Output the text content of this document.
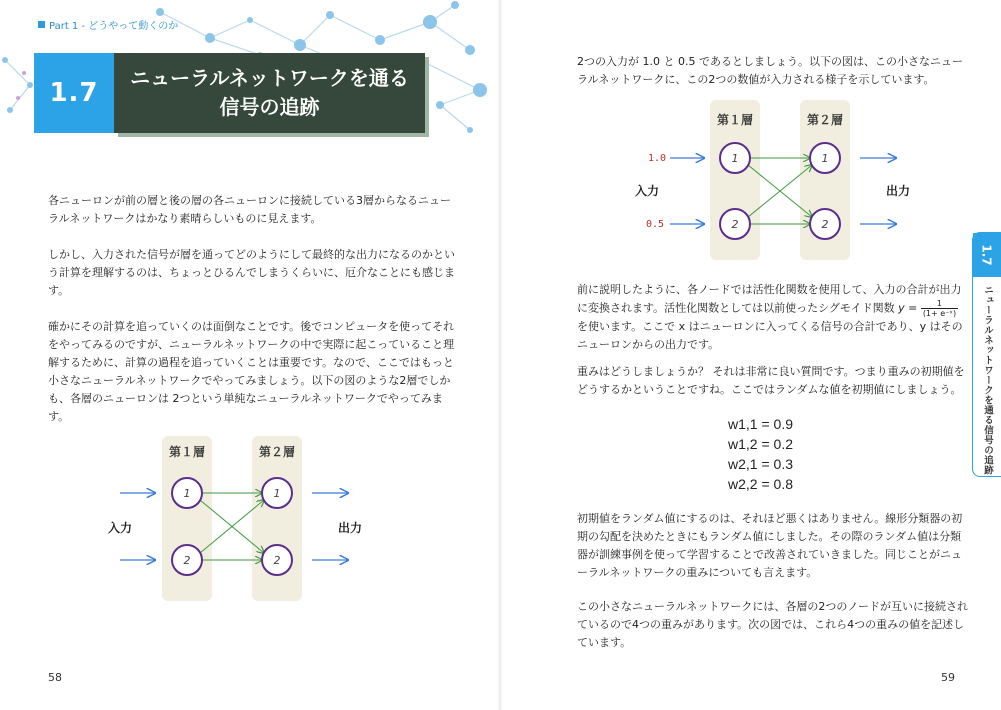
Part 1 - どうやって動くのか
1.7	ニューラルネットワークを通る
信号の追跡

各ニューロンが前の層と後の層の各ニューロンに接続している3層からなるニューラルネットワークはかなり素晴らしいものに見えます。

しかし、入力された信号が層を通ってどのようにして最終的な出力になるのかという計算を理解するのは、ちょっとひるんでしまうくらいに、厄介なことにも感じます。

確かにその計算を追っていくのは面倒なことです。後でコンピュータを使ってそれをやってみるのですが、ニューラルネットワークの中で実際に起こっていること理解するために、計算の過程を追っていくことは重要です。なので、ここではもっと小さなニューラルネットワークでやってみましょう。以下の図のような2層でしかも、各層のニューロンは 2つという単純なニューラルネットワークでやってみます。

第１層	第２層
1
2
1
2
入力	出力
58

2つの入力が 1.0 と 0.5 であるとしましょう。以下の図は、この小さなニューラルネットワークに、この2つの数値が入力される様子を示しています。

第１層	第２層
1.0
0.5
1
2
1
2
入力	出力

前に説明したように、各ノードでは活性化関数を使用して、入力の合計が出力に変換されます。活性化関数としては以前使ったシグモイド関数 $y = \frac{1}{\text{(1+ e⁻ˣ)}}$
を使います。ここで x はニューロンに入ってくる信号の合計であり、y はそのニューロンからの出力です。

重みはどうしましょうか？ それは非常に良い質問です。つまり重みの初期値をどうするかということですね。ここではランダムな値を初期値にしましょう。

w1,1 = 0.9
w1,2 = 0.2
w2,1 = 0.3
w2,2 = 0.8

初期値をランダム値にするのは、それほど悪くはありません。線形分類器の初期の勾配を決めたときにもランダム値にしました。その際のランダム値は分類器が訓練事例を使って学習することで改善されていきました。同じことがニューラルネットワークの重みについても言えます。

この小さなニューラルネットワークには、各層の2つのノードが互いに接続されているので4つの重みがあります。次の図では、これら4つの重みの値を記述しています。

59
1.7
ニューラルネットワークを通る信号の追跡
